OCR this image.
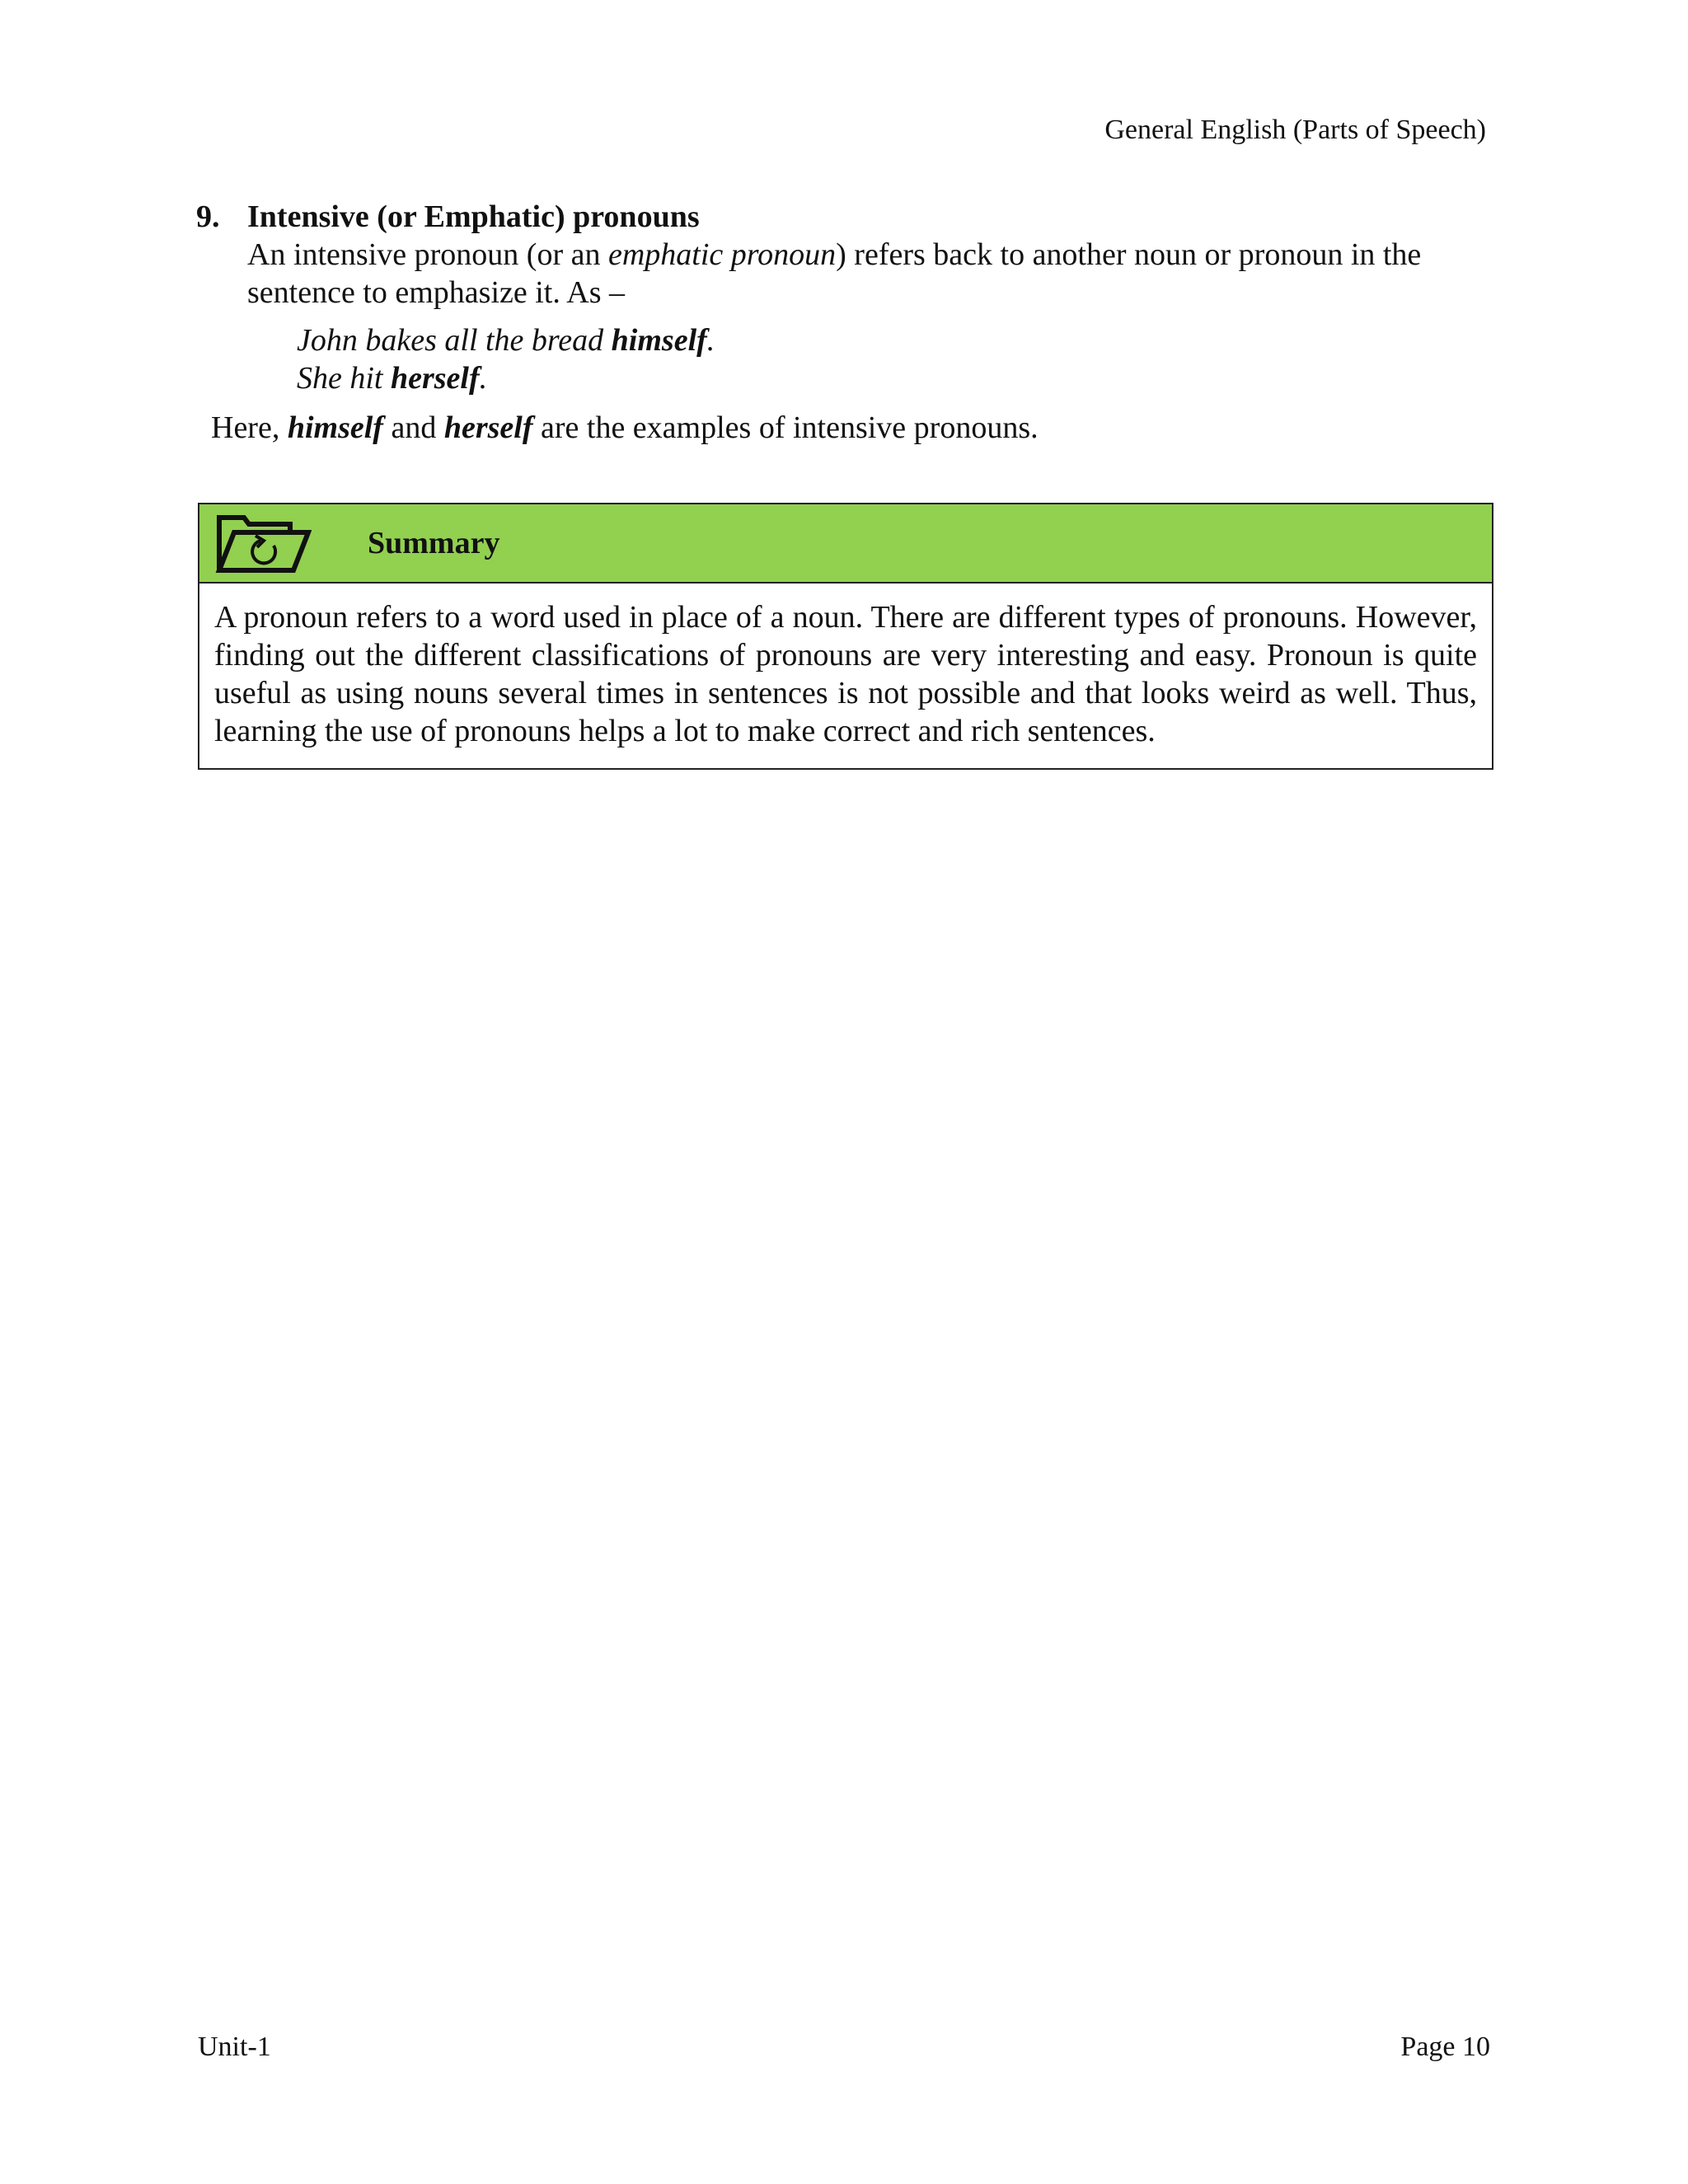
General English (Parts of Speech)
9. Intensive (or Emphatic) pronouns

An intensive pronoun (or an emphatic pronoun) refers back to another noun or pronoun in the sentence to emphasize it. As –

John bakes all the bread himself.
She hit herself.
Here, himself and herself are the examples of intensive pronouns.
Summary
A pronoun refers to a word used in place of a noun. There are different types of pronouns. However, finding out the different classifications of pronouns are very interesting and easy. Pronoun is quite useful as using nouns several times in sentences is not possible and that looks weird as well. Thus, learning the use of pronouns helps a lot to make correct and rich sentences.
Unit-1	Page 10
